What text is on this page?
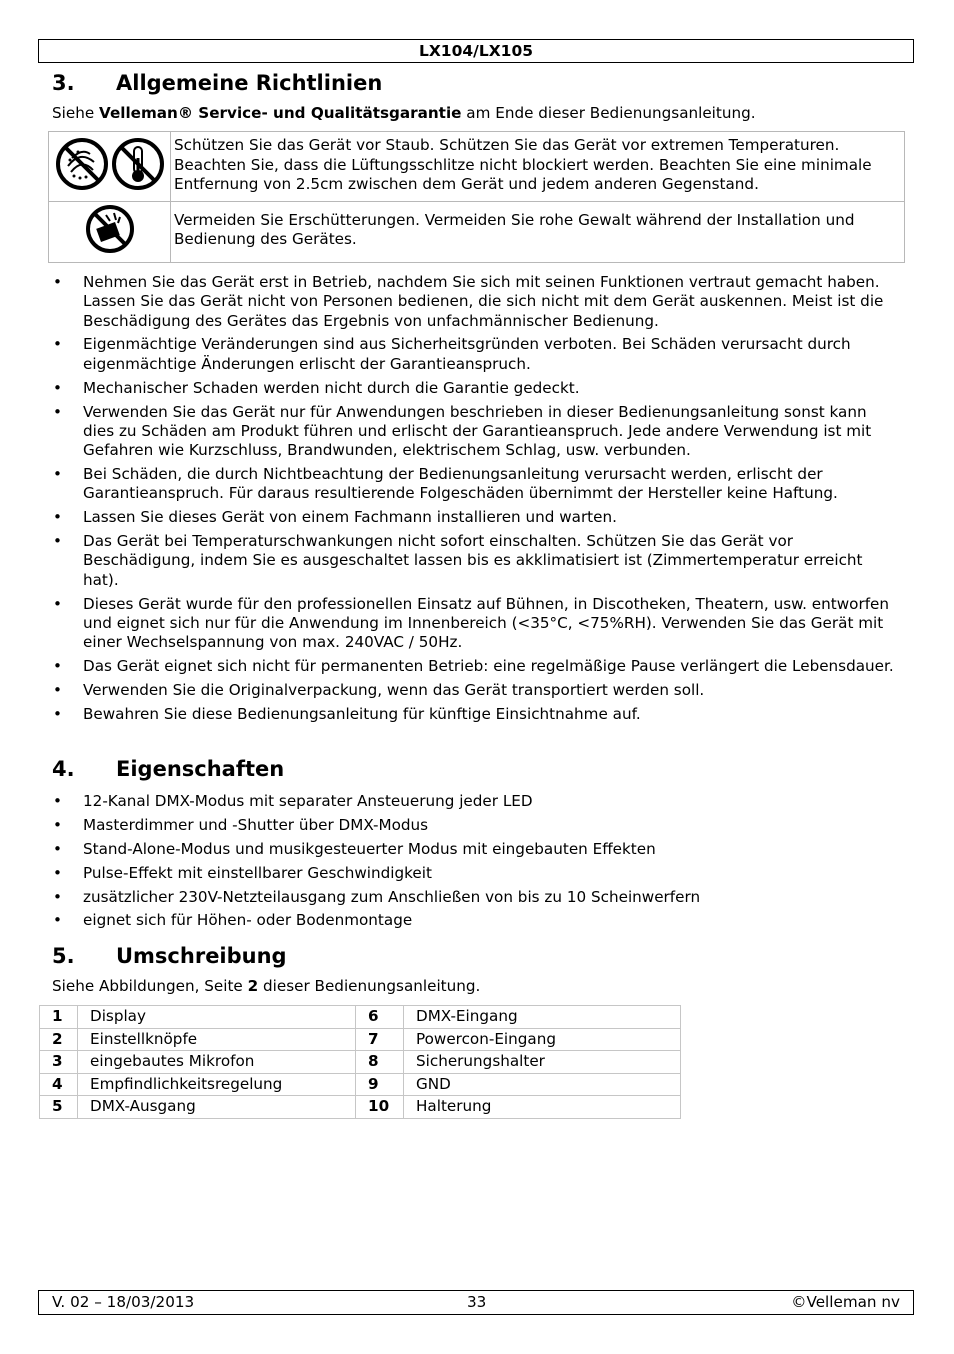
LX104/LX105
3. Allgemeine Richtlinien
Siehe Velleman® Service- und Qualitätsgarantie am Ende dieser Bedienungsanleitung.
	Schützen Sie das Gerät vor Staub. Schützen Sie das Gerät vor extremen Temperaturen. Beachten Sie, dass die Lüftungsschlitze nicht blockiert werden. Beachten Sie eine minimale Entfernung von 2.5cm zwischen dem Gerät und jedem anderen Gegenstand.
	Vermeiden Sie Erschütterungen. Vermeiden Sie rohe Gewalt während der Installation und Bedienung des Gerätes.
• Nehmen Sie das Gerät erst in Betrieb, nachdem Sie sich mit seinen Funktionen vertraut gemacht haben. Lassen Sie das Gerät nicht von Personen bedienen, die sich nicht mit dem Gerät auskennen. Meist ist die Beschädigung des Gerätes das Ergebnis von unfachmännischer Bedienung.
• Eigenmächtige Veränderungen sind aus Sicherheitsgründen verboten. Bei Schäden verursacht durch eigenmächtige Änderungen erlischt der Garantieanspruch.
• Mechanischer Schaden werden nicht durch die Garantie gedeckt.
• Verwenden Sie das Gerät nur für Anwendungen beschrieben in dieser Bedienungsanleitung sonst kann dies zu Schäden am Produkt führen und erlischt der Garantieanspruch. Jede andere Verwendung ist mit Gefahren wie Kurzschluss, Brandwunden, elektrischem Schlag, usw. verbunden.
• Bei Schäden, die durch Nichtbeachtung der Bedienungsanleitung verursacht werden, erlischt der Garantieanspruch. Für daraus resultierende Folgeschäden übernimmt der Hersteller keine Haftung.
• Lassen Sie dieses Gerät von einem Fachmann installieren und warten.
• Das Gerät bei Temperaturschwankungen nicht sofort einschalten. Schützen Sie das Gerät vor Beschädigung, indem Sie es ausgeschaltet lassen bis es akklimatisiert ist (Zimmertemperatur erreicht hat).
• Dieses Gerät wurde für den professionellen Einsatz auf Bühnen, in Discotheken, Theatern, usw. entworfen und eignet sich nur für die Anwendung im Innenbereich (<35°C, <75%RH). Verwenden Sie das Gerät mit einer Wechselspannung von max. 240VAC / 50Hz.
• Das Gerät eignet sich nicht für permanenten Betrieb: eine regelmäßige Pause verlängert die Lebensdauer.
• Verwenden Sie die Originalverpackung, wenn das Gerät transportiert werden soll.
• Bewahren Sie diese Bedienungsanleitung für künftige Einsichtnahme auf.
4. Eigenschaften
• 12-Kanal DMX-Modus mit separater Ansteuerung jeder LED
• Masterdimmer und -Shutter über DMX-Modus
• Stand-Alone-Modus und musikgesteuerter Modus mit eingebauten Effekten
• Pulse-Effekt mit einstellbarer Geschwindigkeit
• zusätzlicher 230V-Netzteilausgang zum Anschließen von bis zu 10 Scheinwerfern
• eignet sich für Höhen- oder Bodenmontage
5. Umschreibung
Siehe Abbildungen, Seite 2 dieser Bedienungsanleitung.
1	Display	6	DMX-Eingang
2	Einstellknöpfe	7	Powercon-Eingang
3	eingebautes Mikrofon	8	Sicherungshalter
4	Empfindlichkeitsregelung	9	GND
5	DMX-Ausgang	10	Halterung
V. 02 – 18/03/2013	33	©Velleman nv
